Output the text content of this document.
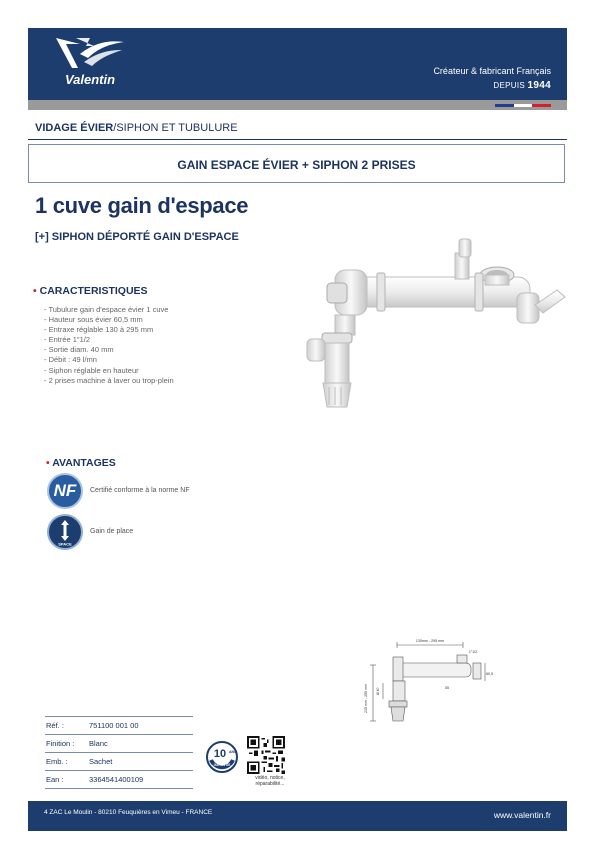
Valentin
Créateur & fabricant Français
DEPUIS 1944
VIDAGE ÉVIER/SIPHON ET TUBULURE
GAIN ESPACE ÉVIER + SIPHON 2 PRISES
1 cuve gain d'espace
[+] SIPHON DÉPORTÉ GAIN D'ESPACE
• CARACTERISTIQUES
- Tubulure gain d'espace évier 1 cuve
- Hauteur sous évier 60,5 mm
- Entraxe réglable 130 à 295 mm
- Entrée 1"1/2
- Sortie diam. 40 mm
- Débit : 49 l/mn
- Siphon réglable en hauteur
- 2 prises machine à laver ou trop-plein
• AVANTAGES
NF Certifié conforme à la norme NF
SPACE
Gain de place
130mm - 295 mm
1"1/2
60,5
Ø 40	55
215 mm - 250 mm
Réf. :	751100 001 00
Finition :	Blanc
Emb. :	Sachet
Ean :	3364541400109
10 ANS
GARANTIE
vidéo, notice, réparabilité...
4 ZAC Le Moulin - 80210 Feuquières en Vimeu - FRANCE	www.valentin.fr
